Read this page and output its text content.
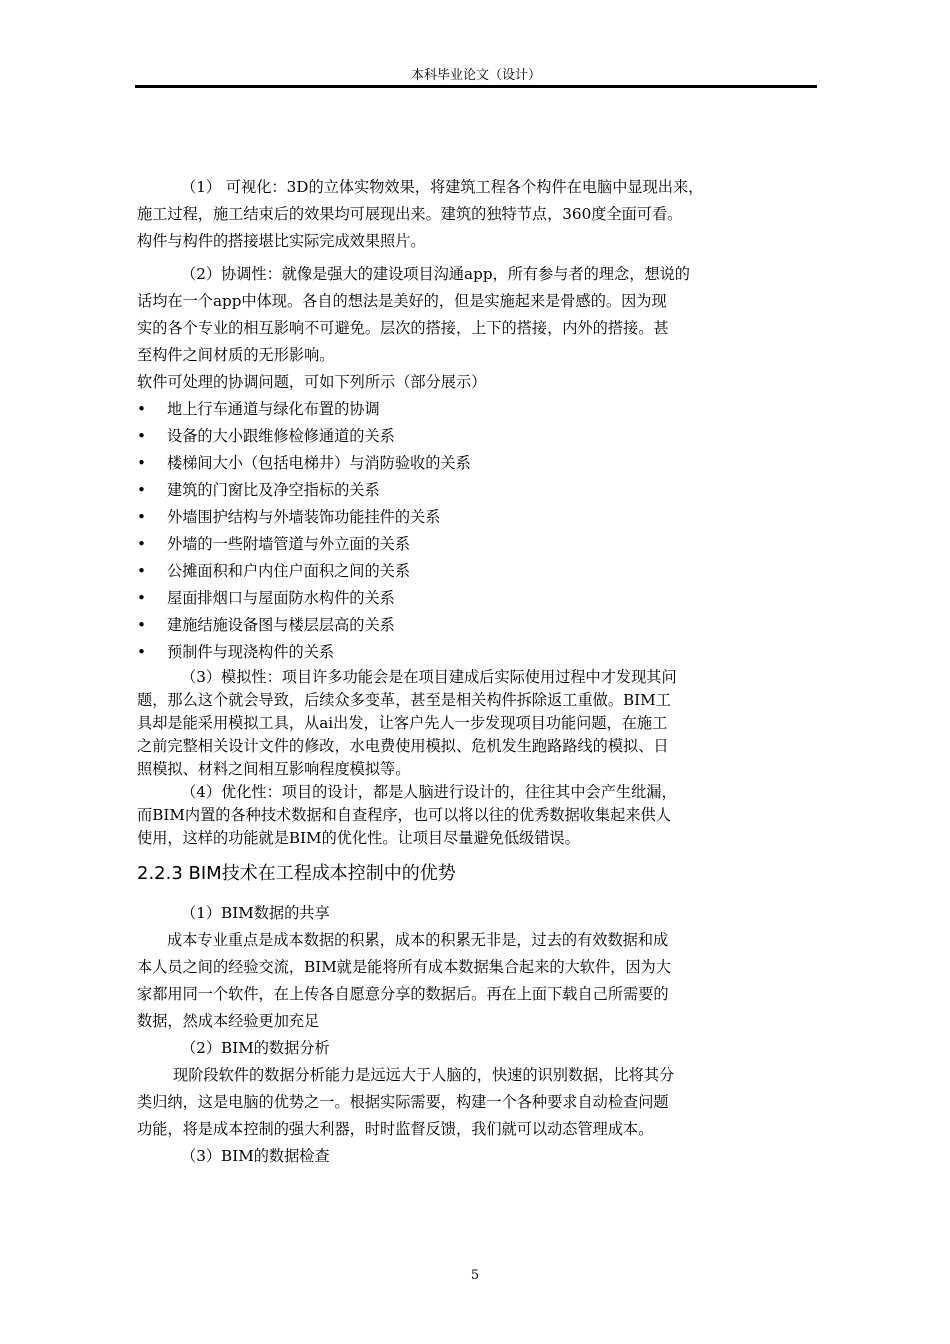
本科毕业论文（设计）
（1） 可视化：3D的立体实物效果，将建筑工程各个构件在电脑中显现出来，
施工过程，施工结束后的效果均可展现出来。建筑的独特节点，360度全面可看。
构件与构件的搭接堪比实际完成效果照片。
（2）协调性：就像是强大的建设项目沟通app，所有参与者的理念，想说的
话均在一个app中体现。各自的想法是美好的，但是实施起来是骨感的。因为现
实的各个专业的相互影响不可避免。层次的搭接，上下的搭接，内外的搭接。甚
至构件之间材质的无形影响。
软件可处理的协调问题，可如下列所示（部分展示）
• 地上行车通道与绿化布置的协调
• 设备的大小跟维修检修通道的关系
• 楼梯间大小（包括电梯井）与消防验收的关系
• 建筑的门窗比及净空指标的关系
• 外墙围护结构与外墙装饰功能挂件的关系
• 外墙的一些附墙管道与外立面的关系
• 公摊面积和户内住户面积之间的关系
• 屋面排烟口与屋面防水构件的关系
• 建施结施设备图与楼层层高的关系
• 预制件与现浇构件的关系
（3）模拟性：项目许多功能会是在项目建成后实际使用过程中才发现其问
题，那么这个就会导致，后续众多变革，甚至是相关构件拆除返工重做。BIM工
具却是能采用模拟工具，从ai出发，让客户先人一步发现项目功能问题，在施工
之前完整相关设计文件的修改，水电费使用模拟、危机发生跑路路线的模拟、日
照模拟、材料之间相互影响程度模拟等。
（4）优化性：项目的设计，都是人脑进行设计的，往往其中会产生纰漏，
而BIM内置的各种技术数据和自查程序，也可以将以往的优秀数据收集起来供人
使用，这样的功能就是BIM的优化性。让项目尽量避免低级错误。
2.2.3 BIM技术在工程成本控制中的优势
（1）BIM数据的共享
成本专业重点是成本数据的积累，成本的积累无非是，过去的有效数据和成
本人员之间的经验交流，BIM就是能将所有成本数据集合起来的大软件，因为大
家都用同一个软件，在上传各自愿意分享的数据后。再在上面下载自己所需要的
数据，然成本经验更加充足
（2）BIM的数据分析
现阶段软件的数据分析能力是远远大于人脑的，快速的识别数据，比将其分
类归纳，这是电脑的优势之一。根据实际需要，构建一个各种要求自动检查问题
功能，将是成本控制的强大利器，时时监督反馈，我们就可以动态管理成本。
（3）BIM的数据检查
5
